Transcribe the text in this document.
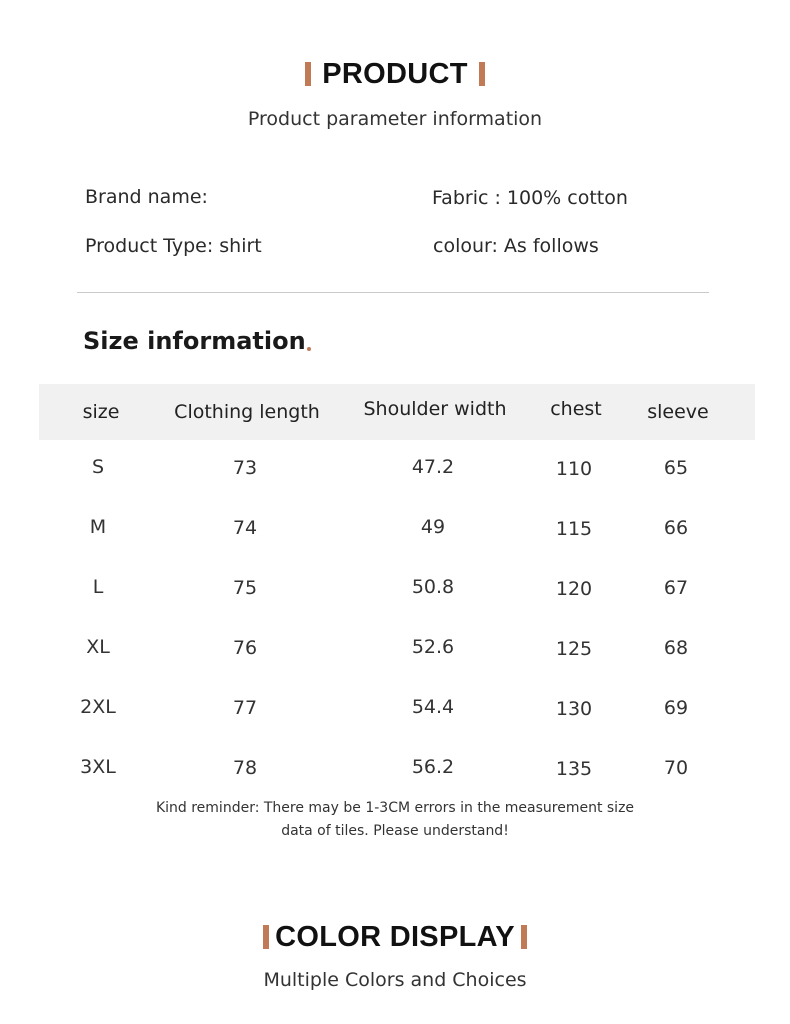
PRODUCT
Product parameter information
Brand name:	Fabric : 100% cotton
Product Type: shirt	colour: As follows
Size information
size	Clothing length	Shoulder width	chest	sleeve
S	73	47.2	110	65
M	74	49	115	66
L	75	50.8	120	67
XL	76	52.6	125	68
2XL	77	54.4	130	69
3XL	78	56.2	135	70
Kind reminder: There may be 1-3CM errors in the measurement size
data of tiles. Please understand!
COLOR DISPLAY
Multiple Colors and Choices
